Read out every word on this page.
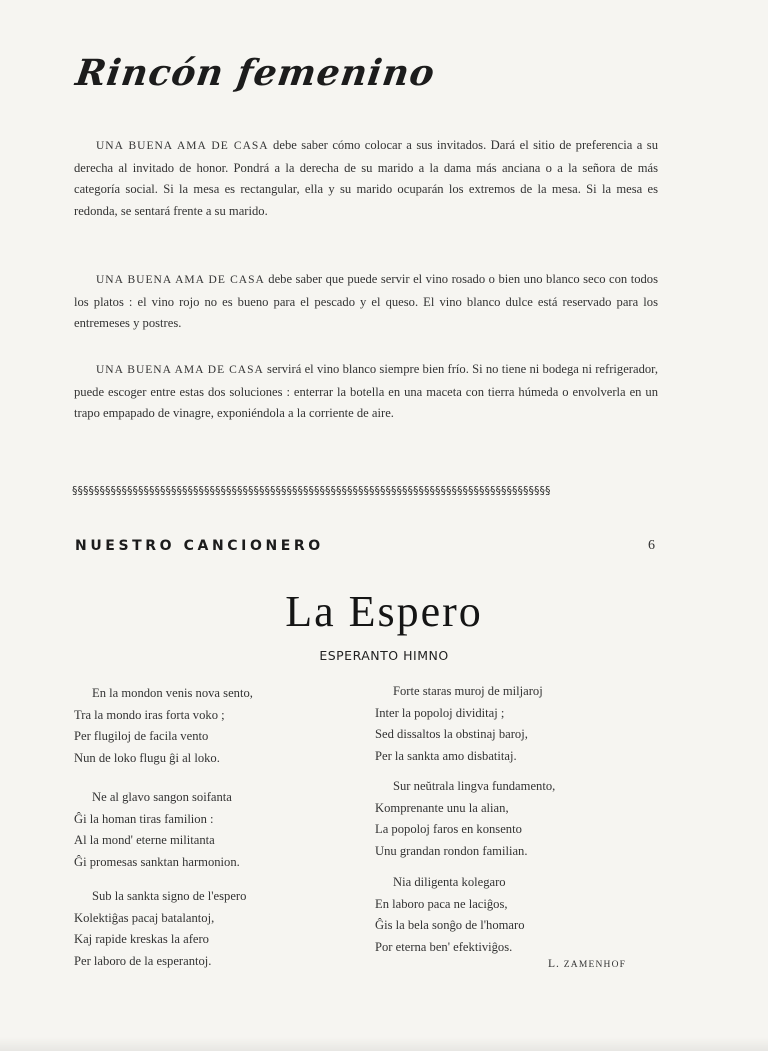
Rincón femenino

UNA BUENA AMA DE CASA debe saber cómo colocar a sus invitados. Dará el sitio de preferencia a su derecha al invitado de honor. Pondrá a la derecha de su marido a la dama más anciana o a la señora de más categoría social. Si la mesa es rectangular, ella y su marido ocuparán los extremos de la mesa. Si la mesa es redonda, se sentará frente a su marido.

UNA BUENA AMA DE CASA debe saber que puede servir el vino rosado o bien uno blanco seco con todos los platos : el vino rojo no es bueno para el pescado y el queso. El vino blanco dulce está reservado para los entremeses y postres.

UNA BUENA AMA DE CASA servirá el vino blanco siempre bien frío. Si no tiene ni bodega ni refrigerador, puede escoger entre estas dos soluciones : enterrar la botella en una maceta con tierra húmeda o envolverla en un trapo empapado de vinagre, exponiéndola a la corriente de aire.

§§§§§§§§§§§§§§§§§§§§§§§§§§§§§§§§§§§§§§§§§§§§§§§§§§§§§§§§§§§§§§§§§§§§§§§§§§§§§§§§§§§§§§§
NUESTRO CANCIONERO	6
La Espero
ESPERANTO HIMNO
En la mondon venis nova sento,
Tra la mondo iras forta voko ;
Per flugiloj de facila vento
Nun de loko flugu ĝi al loko.
Ne al glavo sangon soifanta
Ĝi la homan tiras familion :
Al la mond' eterne militanta
Ĝi promesas sanktan harmonion.
Sub la sankta signo de l'espero
Kolektiĝas pacaj batalantoj,
Kaj rapide kreskas la afero
Per laboro de la esperantoj.
Forte staras muroj de miljaroj
Inter la popoloj dividitaj ;
Sed dissaltos la obstinaj baroj,
Per la sankta amo disbatitaj.
Sur neŭtrala lingva fundamento,
Komprenante unu la alian,
La popoloj faros en konsento
Unu grandan rondon familian.
Nia diligenta kolegaro
En laboro paca ne laciĝos,
Ĝis la bela sonĝo de l'homaro
Por eterna ben' efektiviĝos.
L. ZAMENHOF
